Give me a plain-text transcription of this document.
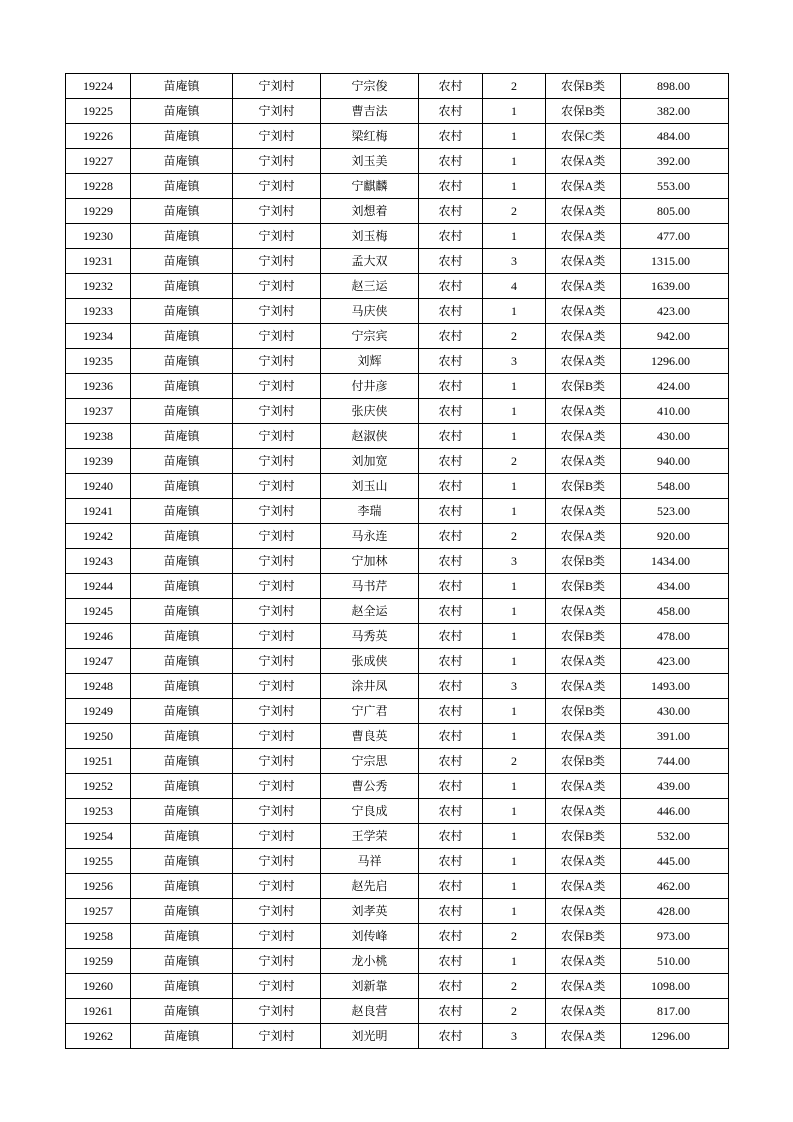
19224	苗庵镇	宁刘村	宁宗俊	农村	2	农保B类	898.00
19225	苗庵镇	宁刘村	曹吉法	农村	1	农保B类	382.00
19226	苗庵镇	宁刘村	梁红梅	农村	1	农保C类	484.00
19227	苗庵镇	宁刘村	刘玉美	农村	1	农保A类	392.00
19228	苗庵镇	宁刘村	宁麒麟	农村	1	农保A类	553.00
19229	苗庵镇	宁刘村	刘想着	农村	2	农保A类	805.00
19230	苗庵镇	宁刘村	刘玉梅	农村	1	农保A类	477.00
19231	苗庵镇	宁刘村	孟大双	农村	3	农保A类	1315.00
19232	苗庵镇	宁刘村	赵三运	农村	4	农保A类	1639.00
19233	苗庵镇	宁刘村	马庆侠	农村	1	农保A类	423.00
19234	苗庵镇	宁刘村	宁宗宾	农村	2	农保A类	942.00
19235	苗庵镇	宁刘村	刘辉	农村	3	农保A类	1296.00
19236	苗庵镇	宁刘村	付井彦	农村	1	农保B类	424.00
19237	苗庵镇	宁刘村	张庆侠	农村	1	农保A类	410.00
19238	苗庵镇	宁刘村	赵淑侠	农村	1	农保A类	430.00
19239	苗庵镇	宁刘村	刘加宽	农村	2	农保A类	940.00
19240	苗庵镇	宁刘村	刘玉山	农村	1	农保B类	548.00
19241	苗庵镇	宁刘村	李瑞	农村	1	农保A类	523.00
19242	苗庵镇	宁刘村	马永连	农村	2	农保A类	920.00
19243	苗庵镇	宁刘村	宁加林	农村	3	农保B类	1434.00
19244	苗庵镇	宁刘村	马书芹	农村	1	农保B类	434.00
19245	苗庵镇	宁刘村	赵全运	农村	1	农保A类	458.00
19246	苗庵镇	宁刘村	马秀英	农村	1	农保B类	478.00
19247	苗庵镇	宁刘村	张成侠	农村	1	农保A类	423.00
19248	苗庵镇	宁刘村	涂井凤	农村	3	农保A类	1493.00
19249	苗庵镇	宁刘村	宁广君	农村	1	农保B类	430.00
19250	苗庵镇	宁刘村	曹良英	农村	1	农保A类	391.00
19251	苗庵镇	宁刘村	宁宗思	农村	2	农保B类	744.00
19252	苗庵镇	宁刘村	曹公秀	农村	1	农保A类	439.00
19253	苗庵镇	宁刘村	宁良成	农村	1	农保A类	446.00
19254	苗庵镇	宁刘村	王学荣	农村	1	农保B类	532.00
19255	苗庵镇	宁刘村	马祥	农村	1	农保A类	445.00
19256	苗庵镇	宁刘村	赵先启	农村	1	农保A类	462.00
19257	苗庵镇	宁刘村	刘孝英	农村	1	农保A类	428.00
19258	苗庵镇	宁刘村	刘传峰	农村	2	农保B类	973.00
19259	苗庵镇	宁刘村	龙小桃	农村	1	农保A类	510.00
19260	苗庵镇	宁刘村	刘新靠	农村	2	农保A类	1098.00
19261	苗庵镇	宁刘村	赵良营	农村	2	农保A类	817.00
19262	苗庵镇	宁刘村	刘光明	农村	3	农保A类	1296.00
